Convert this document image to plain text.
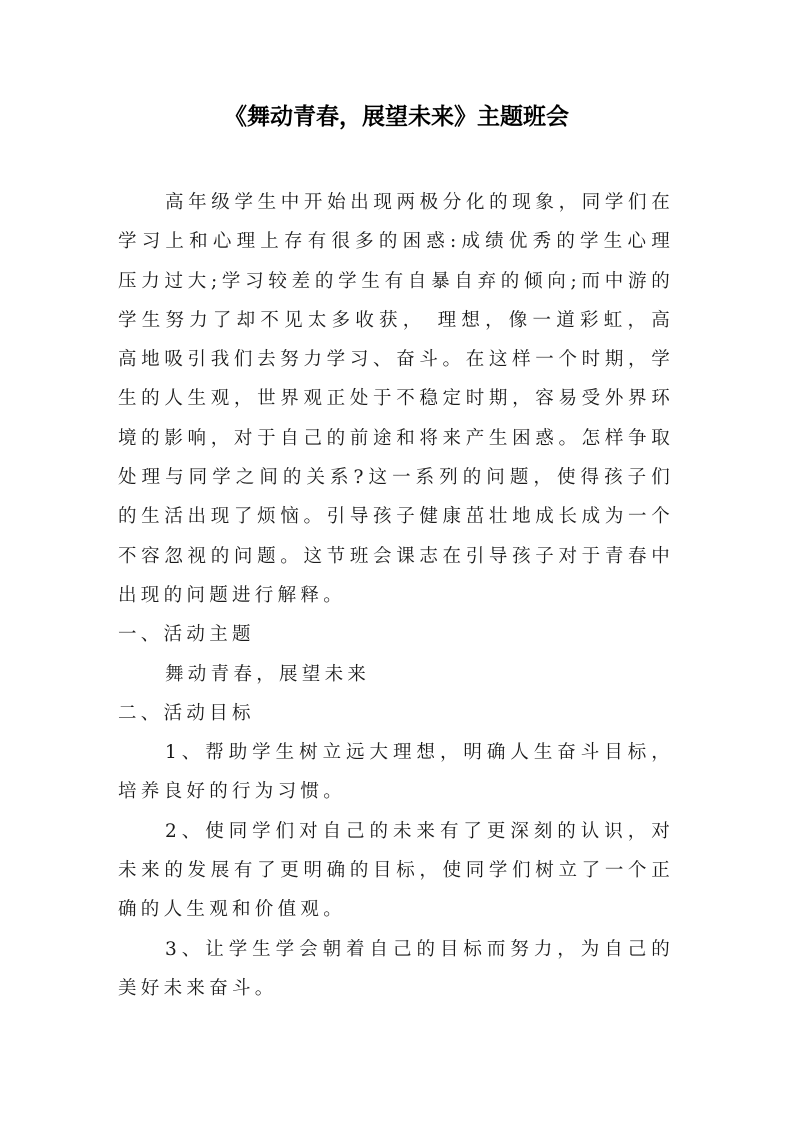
《舞动青春，展望未来》主题班会

高年级学生中开始出现两极分化的现象，同学们在学习上和心理上存有很多的困惑:成绩优秀的学生心理压力过大;学习较差的学生有自暴自弃的倾向;而中游的学生努力了却不见太多收获， 理想，像一道彩虹，高高地吸引我们去努力学习、奋斗。在这样一个时期，学生的人生观，世界观正处于不稳定时期，容易受外界环境的影响，对于自己的前途和将来产生困惑。怎样争取处理与同学之间的关系?这一系列的问题，使得孩子们的生活出现了烦恼。引导孩子健康茁壮地成长成为一个不容忽视的问题。这节班会课志在引导孩子对于青春中出现的问题进行解释。

一、活动主题

舞动青春，展望未来

二、活动目标

1、帮助学生树立远大理想，明确人生奋斗目标，培养良好的行为习惯。

2、使同学们对自己的未来有了更深刻的认识，对未来的发展有了更明确的目标，使同学们树立了一个正确的人生观和价值观。

3、让学生学会朝着自己的目标而努力，为自己的美好未来奋斗。
